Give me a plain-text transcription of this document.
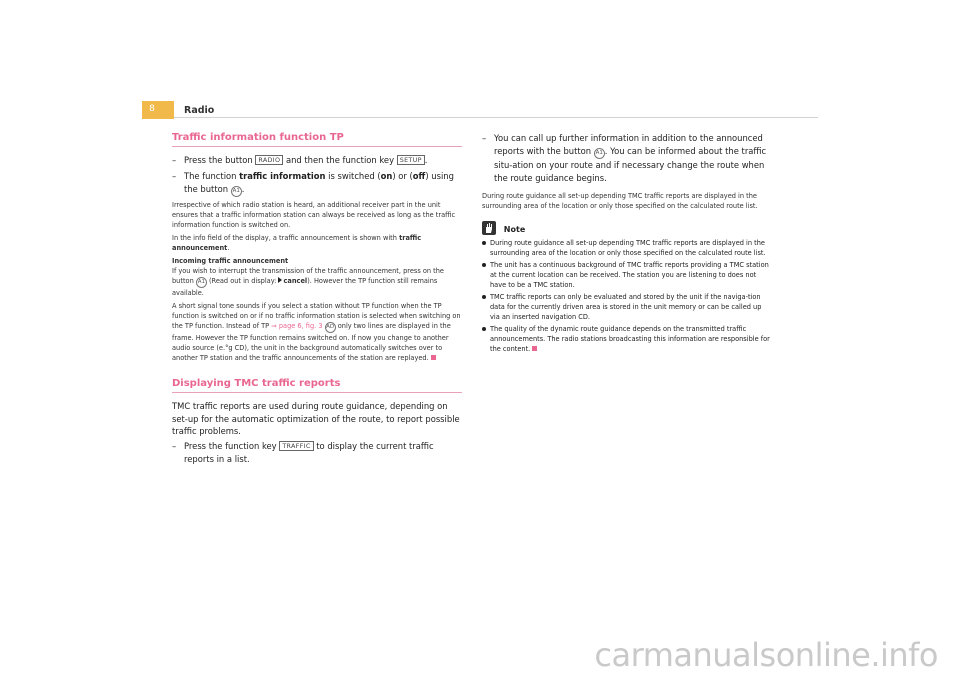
8	Radio
Traffic information function TP
– Press the button RADIO and then the function key SETUP .
– The function traffic information is switched (on) or (off) using the button A1 .

Irrespective of which radio station is heard, an additional receiver part in the unit ensures that a traffic information station can always be received as long as the traffic information function is switched on.

In the info field of the display, a traffic announcement is shown with traffic announcement.

Incoming traffic announcement

If you wish to interrupt the transmission of the traffic announcement, press on the button A1 (Read out in display: cancel). However the TP function still remains available.

A short signal tone sounds if you select a station without TP function when the TP function is switched on or if no traffic information station is selected when switching on the TP function. Instead of TP ⇒ page 6, fig. 3 AD only two lines are displayed in the frame. However the TP function remains switched on. If now you change to another audio source (e.°g CD), the unit in the background automatically switches over to another TP station and the traffic announcements of the station are replayed.

Displaying TMC traffic reports

TMC traffic reports are used during route guidance, depending on set-up for the automatic optimization of the route, to report possible traffic problems.

– Press the function key TRAFFIC to display the current traffic reports in a list.
– You can call up further information in addition to the announced reports with the button A1 . You can be informed about the traffic situ-ation on your route and if necessary change the route when the route guidance begins.

During route guidance all set-up depending TMC traffic reports are displayed in the surrounding area of the location or only those specified on the calculated route list.

Note
During route guidance all set-up depending TMC traffic reports are displayed in the surrounding area of the location or only those specified on the calculated route list.
The unit has a continuous background of TMC traffic reports providing a TMC station at the current location can be received. The station you are listening to does not have to be a TMC station.
TMC traffic reports can only be evaluated and stored by the unit if the naviga-tion data for the currently driven area is stored in the unit memory or can be called up via an inserted navigation CD.
The quality of the dynamic route guidance depends on the transmitted traffic announcements. The radio stations broadcasting this information are responsible for the content.
carmanualsonline.info
